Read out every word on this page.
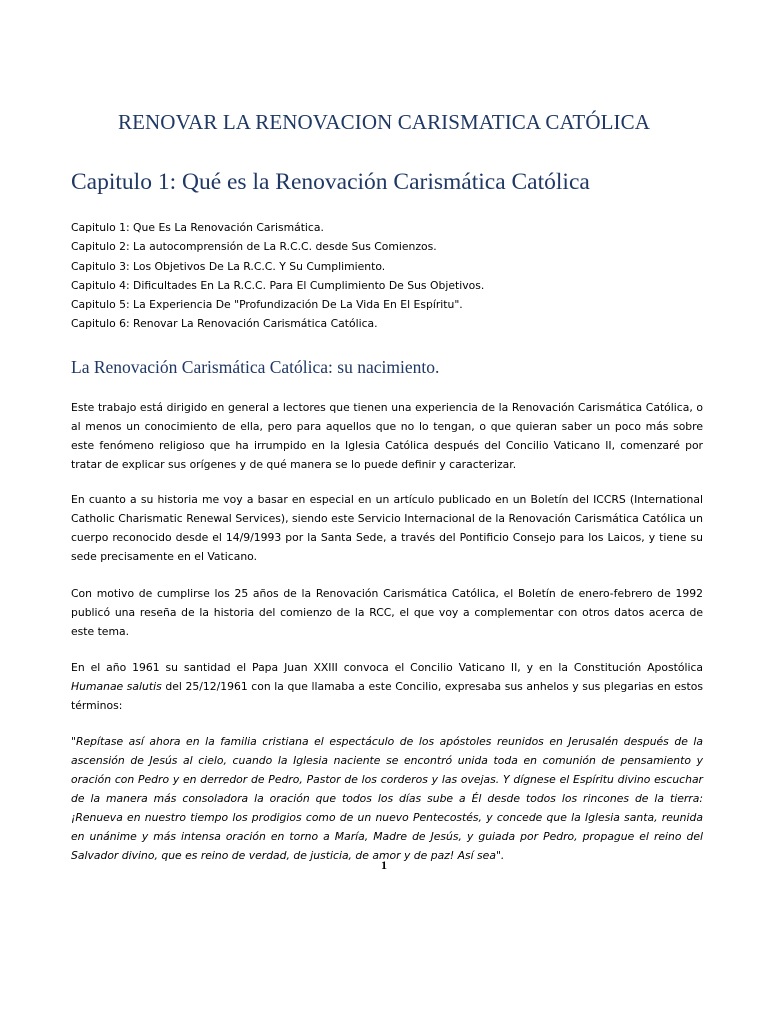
RENOVAR LA RENOVACION CARISMATICA CATÓLICA
Capitulo 1: Qué es la Renovación Carismática Católica
Capitulo 1: Que Es La Renovación Carismática.
Capitulo 2: La autocomprensión de La R.C.C. desde Sus Comienzos.
Capitulo 3: Los Objetivos De La R.C.C. Y Su Cumplimiento.
Capitulo 4: Dificultades En La R.C.C. Para El Cumplimiento De Sus Objetivos.
Capitulo 5: La Experiencia De "Profundización De La Vida En El Espíritu".
Capitulo 6: Renovar La Renovación Carismática Católica.
La Renovación Carismática Católica: su nacimiento.

Este trabajo está dirigido en general a lectores que tienen una experiencia de la Renovación Carismática Católica, o al menos un conocimiento de ella, pero para aquellos que no lo tengan, o que quieran saber un poco más sobre este fenómeno religioso que ha irrumpido en la Iglesia Católica después del Concilio Vaticano II, comenzaré por tratar de explicar sus orígenes y de qué manera se lo puede definir y caracterizar.

En cuanto a su historia me voy a basar en especial en un artículo publicado en un Boletín del ICCRS (International Catholic Charismatic Renewal Services), siendo este Servicio Internacional de la Renovación Carismática Católica un cuerpo reconocido desde el 14/9/1993 por la Santa Sede, a través del Pontificio Consejo para los Laicos, y tiene su sede precisamente en el Vaticano.

Con motivo de cumplirse los 25 años de la Renovación Carismática Católica, el Boletín de enero-febrero de 1992 publicó una reseña de la historia del comienzo de la RCC, el que voy a complementar con otros datos acerca de este tema.

En el año 1961 su santidad el Papa Juan XXIII convoca el Concilio Vaticano II, y en la Constitución Apostólica Humanae salutis del 25/12/1961 con la que llamaba a este Concilio, expresaba sus anhelos y sus plegarias en estos términos:

"Repítase así ahora en la familia cristiana el espectáculo de los apóstoles reunidos en Jerusalén después de la ascensión de Jesús al cielo, cuando la Iglesia naciente se encontró unida toda en comunión de pensamiento y oración con Pedro y en derredor de Pedro, Pastor de los corderos y las ovejas. Y dígnese el Espíritu divino escuchar de la manera más consoladora la oración que todos los días sube a Él desde todos los rincones de la tierra: ¡Renueva en nuestro tiempo los prodigios como de un nuevo Pentecostés, y concede que la Iglesia santa, reunida en unánime y más intensa oración en torno a María, Madre de Jesús, y guiada por Pedro, propague el reino del Salvador divino, que es reino de verdad, de justicia, de amor y de paz! Así sea".

1
